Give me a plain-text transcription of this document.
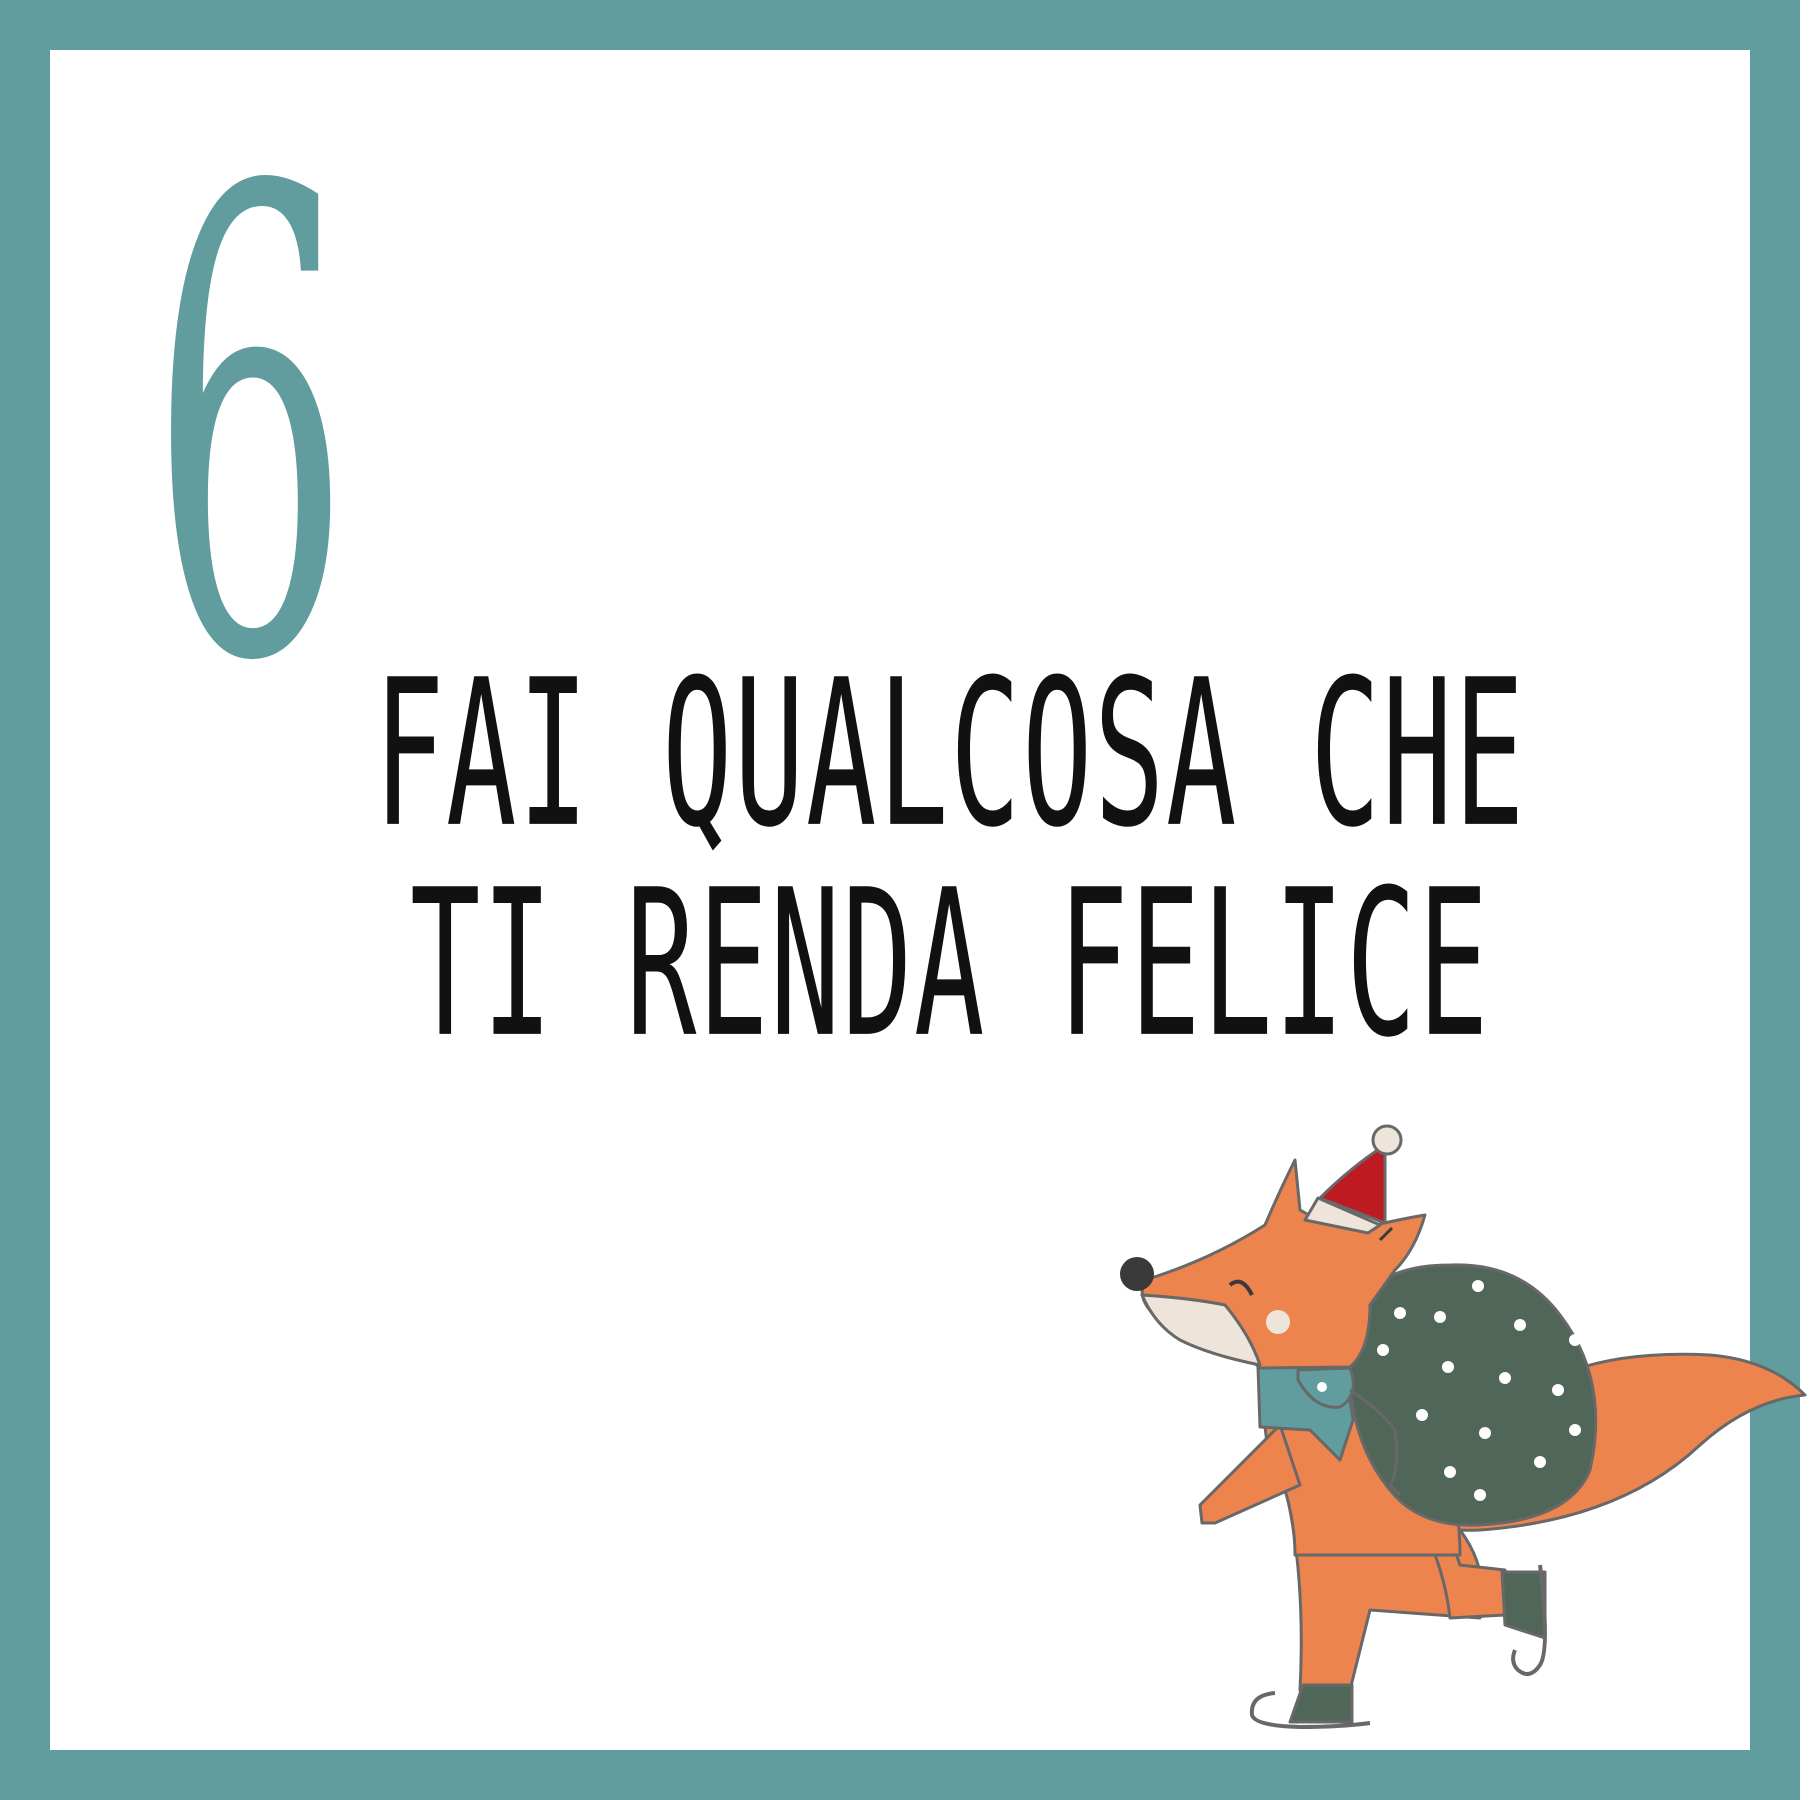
6 FAI QUALCOSA CHE
TI RENDA FELICE
